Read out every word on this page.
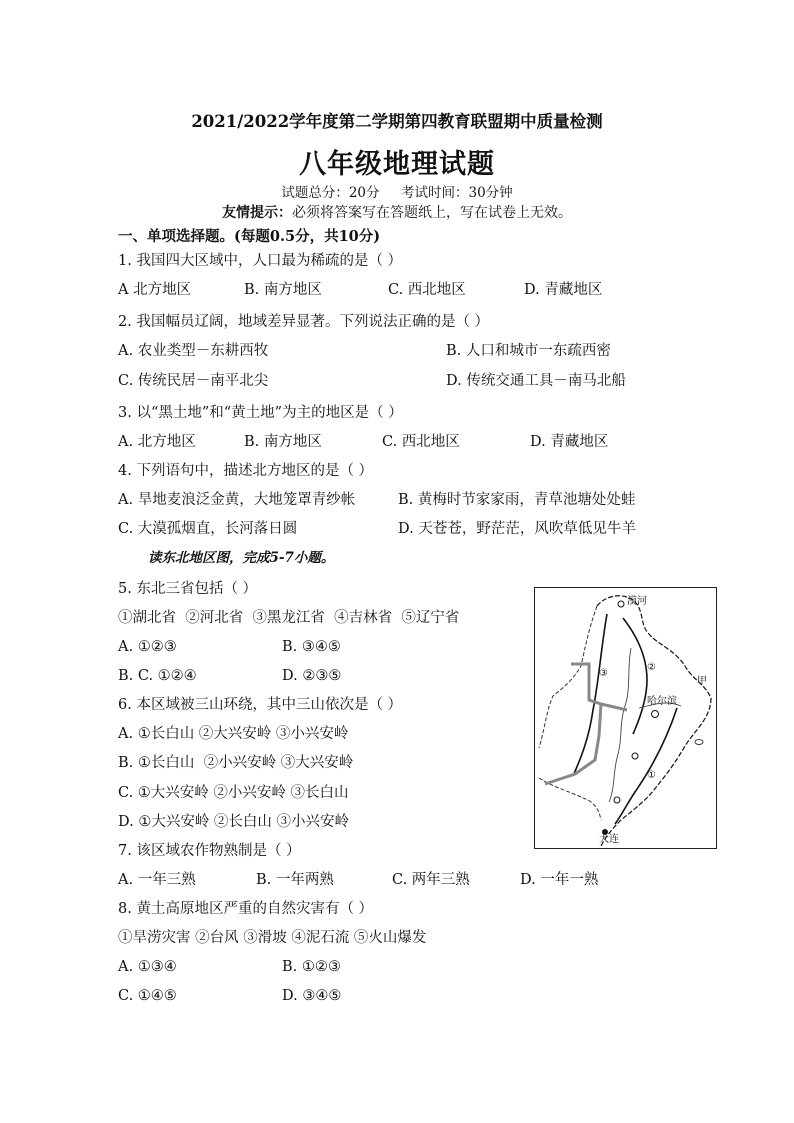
2021/2022学年度第二学期第四教育联盟期中质量检测
八年级地理试题
试题总分：20分     考试时间：30分钟
友情提示：必须将答案写在答题纸上，写在试卷上无效。
一、单项选择题。(每题0.5分，共10分)
1. 我国四大区域中，人口最为稀疏的是（ ）
A 北方地区	B. 南方地区	C. 西北地区	D. 青藏地区
2. 我国幅员辽阔，地域差异显著。下列说法正确的是（ ）
A. 农业类型－东耕西牧	B. 人口和城市一东疏西密
C. 传统民居－南平北尖	D. 传统交通工具－南马北船
3. 以“黑土地”和“黄土地”为主的地区是（ ）
A. 北方地区	B. 南方地区	C. 西北地区	D. 青藏地区
4. 下列语句中，描述北方地区的是（ ）
A. 旱地麦浪泛金黄，大地笼罩青纱帐	B. 黄梅时节家家雨，青草池塘处处蛙
C. 大漠孤烟直，长河落日圆	D. 天苍苍，野茫茫，风吹草低见牛羊
读东北地区图，完成5-7小题。
5. 东北三省包括（ ）
①湖北省  ②河北省  ③黑龙江省  ④吉林省  ⑤辽宁省
A. ①②③	B. ③④⑤
B. C. ①②④	D. ②③⑤
6. 本区域被三山环绕，其中三山依次是（ ）
A. ①长白山 ②大兴安岭 ③小兴安岭
B. ①长白山  ②小兴安岭 ③大兴安岭
C. ①大兴安岭 ②小兴安岭 ③长白山
D. ①大兴安岭 ②长白山 ③小兴安岭
7. 该区域农作物熟制是（ ）
A. 一年三熟	B. 一年两熟	C. 两年三熟	D. 一年一熟
8. 黄土高原地区严重的自然灾害有（ ）
①旱涝灾害 ②台风 ③滑坡 ④泥石流 ⑤火山爆发
A. ①③④	B. ①②③
C. ①④⑤	D. ③④⑤
漠河
哈尔滨
大连
甲
③
②
①
